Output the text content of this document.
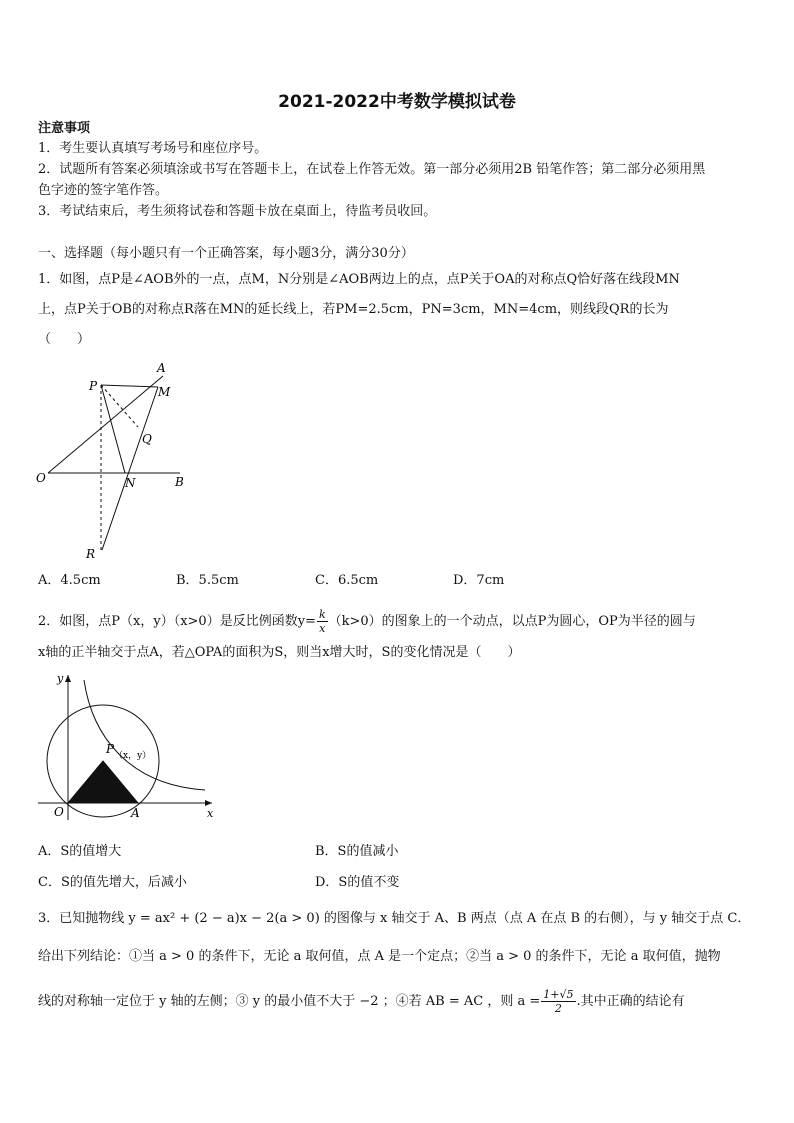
2021-2022中考数学模拟试卷
注意事项
1．考生要认真填写考场号和座位序号。
2．试题所有答案必须填涂或书写在答题卡上，在试卷上作答无效。第一部分必须用2B 铅笔作答；第二部分必须用黑
色字迹的签字笔作答。
3．考试结束后，考生须将试卷和答题卡放在桌面上，待监考员收回。
一、选择题（每小题只有一个正确答案，每小题3分，满分30分）
1．如图，点P是∠AOB外的一点，点M，N分别是∠AOB两边上的点，点P关于OA的对称点Q恰好落在线段MN
上，点P关于OB的对称点R落在MN的延长线上，若PM=2.5cm，PN=3cm，MN=4cm，则线段QR的长为
（　　）
A
M
P
Q
O	N	B
R
A．4.5cm	B．5.5cm	C．6.5cm	D．7cm
2．如图，点P（x，y）（x>0）是反比例函数$y= \frac{k}{x} (k>0)$的图象上的一个动点，以点P为圆心，OP为半径的圆与
x轴的正半轴交于点A，若△OPA的面积为S，则当x增大时，S的变化情况是（　　）
y
x
O	A
P （x，y）
A．S的值增大	B．S的值减小
C．S的值先增大，后减小	D．S的值不变
3．已知抛物线 y = ax² + (2 − a)x − 2(a > 0) 的图像与 x 轴交于 A、B 两点（点 A 在点 B 的右侧），与 y 轴交于点 C．
给出下列结论：①当 a > 0 的条件下，无论 a 取何值，点 A 是一个定点；②当 a > 0 的条件下，无论 a 取何值，抛物
线的对称轴一定位于 y 轴的左侧；③ y 的最小值不大于 −2 ；④若 AB = AC ，则 $a = \frac{1+√5}{2}$ .其中正确的结论有
